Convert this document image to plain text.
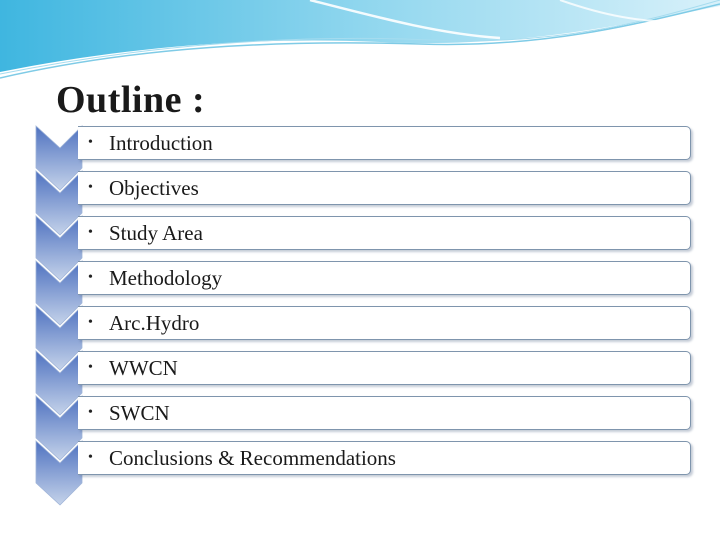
Outline :
• Introduction
• Objectives
• Study Area
• Methodology
• Arc.Hydro
• WWCN
• SWCN
• Conclusions & Recommendations
